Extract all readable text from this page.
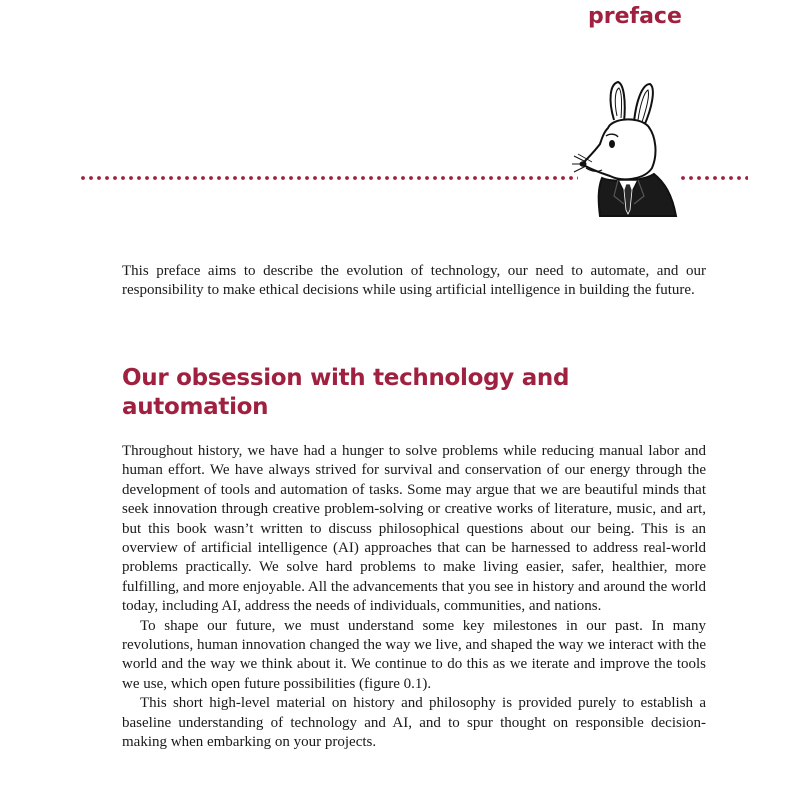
preface
This preface aims to describe the evolution of technology, our need to automate, and our responsibility to make ethical decisions while using artificial intelligence in building the future.
Our obsession with technology and automation

Throughout history, we have had a hunger to solve problems while reducing manual labor and human effort. We have always strived for survival and conservation of our energy through the development of tools and automation of tasks. Some may argue that we are beautiful minds that seek innovation through creative problem-solving or creative works of literature, music, and art, but this book wasn’t written to discuss philosophical questions about our being. This is an overview of artificial intelligence (AI) approaches that can be harnessed to address real-world problems practically. We solve hard problems to make living easier, safer, healthier, more fulfilling, and more enjoyable. All the advancements that you see in history and around the world today, including AI, address the needs of individuals, communities, and nations.

To shape our future, we must understand some key milestones in our past. In many revolutions, human innovation changed the way we live, and shaped the way we interact with the world and the way we think about it. We continue to do this as we iterate and improve the tools we use, which open future possibilities (figure 0.1).

This short high-level material on history and philosophy is provided purely to establish a baseline understanding of technology and AI, and to spur thought on responsible decision-making when embarking on your projects.
